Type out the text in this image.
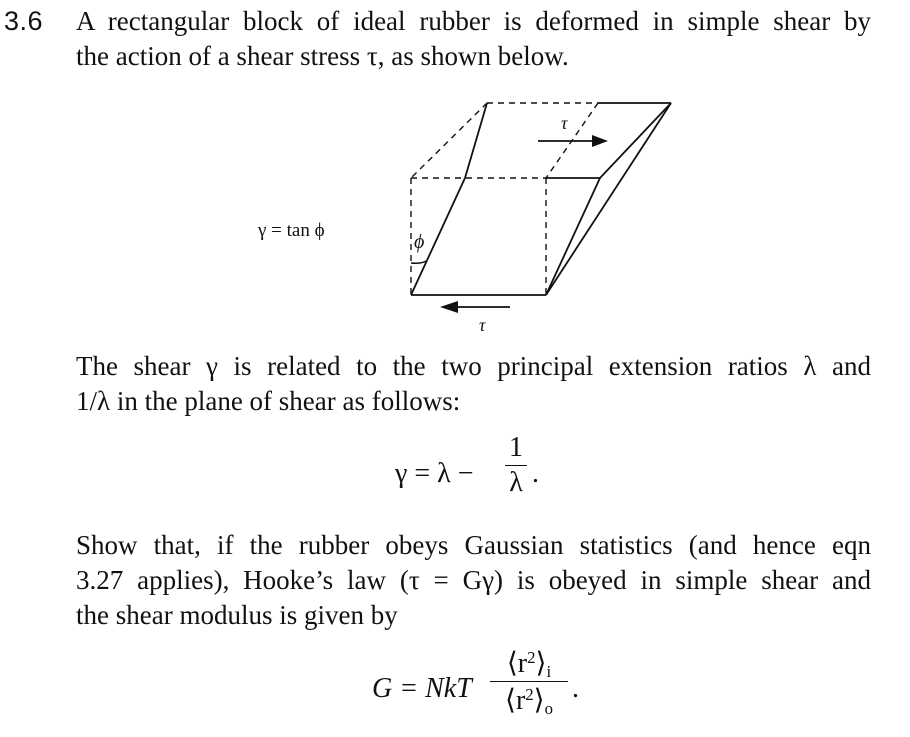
3.6 A rectangular block of ideal rubber is deformed in simple shear by
the action of a shear stress τ, as shown below.
γ = tan ϕ
τ
τ
ϕ
The shear γ is related to the two principal extension ratios λ and
1/λ in the plane of shear as follows:
γ = λ −
1
λ .
Show that, if the rubber obeys Gaussian statistics (and hence eqn
3.27 applies), Hooke’s law (τ = Gγ) is obeyed in simple shear and
the shear modulus is given by
G = NkT
$⟨r^2⟩_i$
$⟨r^2⟩_o$
.
